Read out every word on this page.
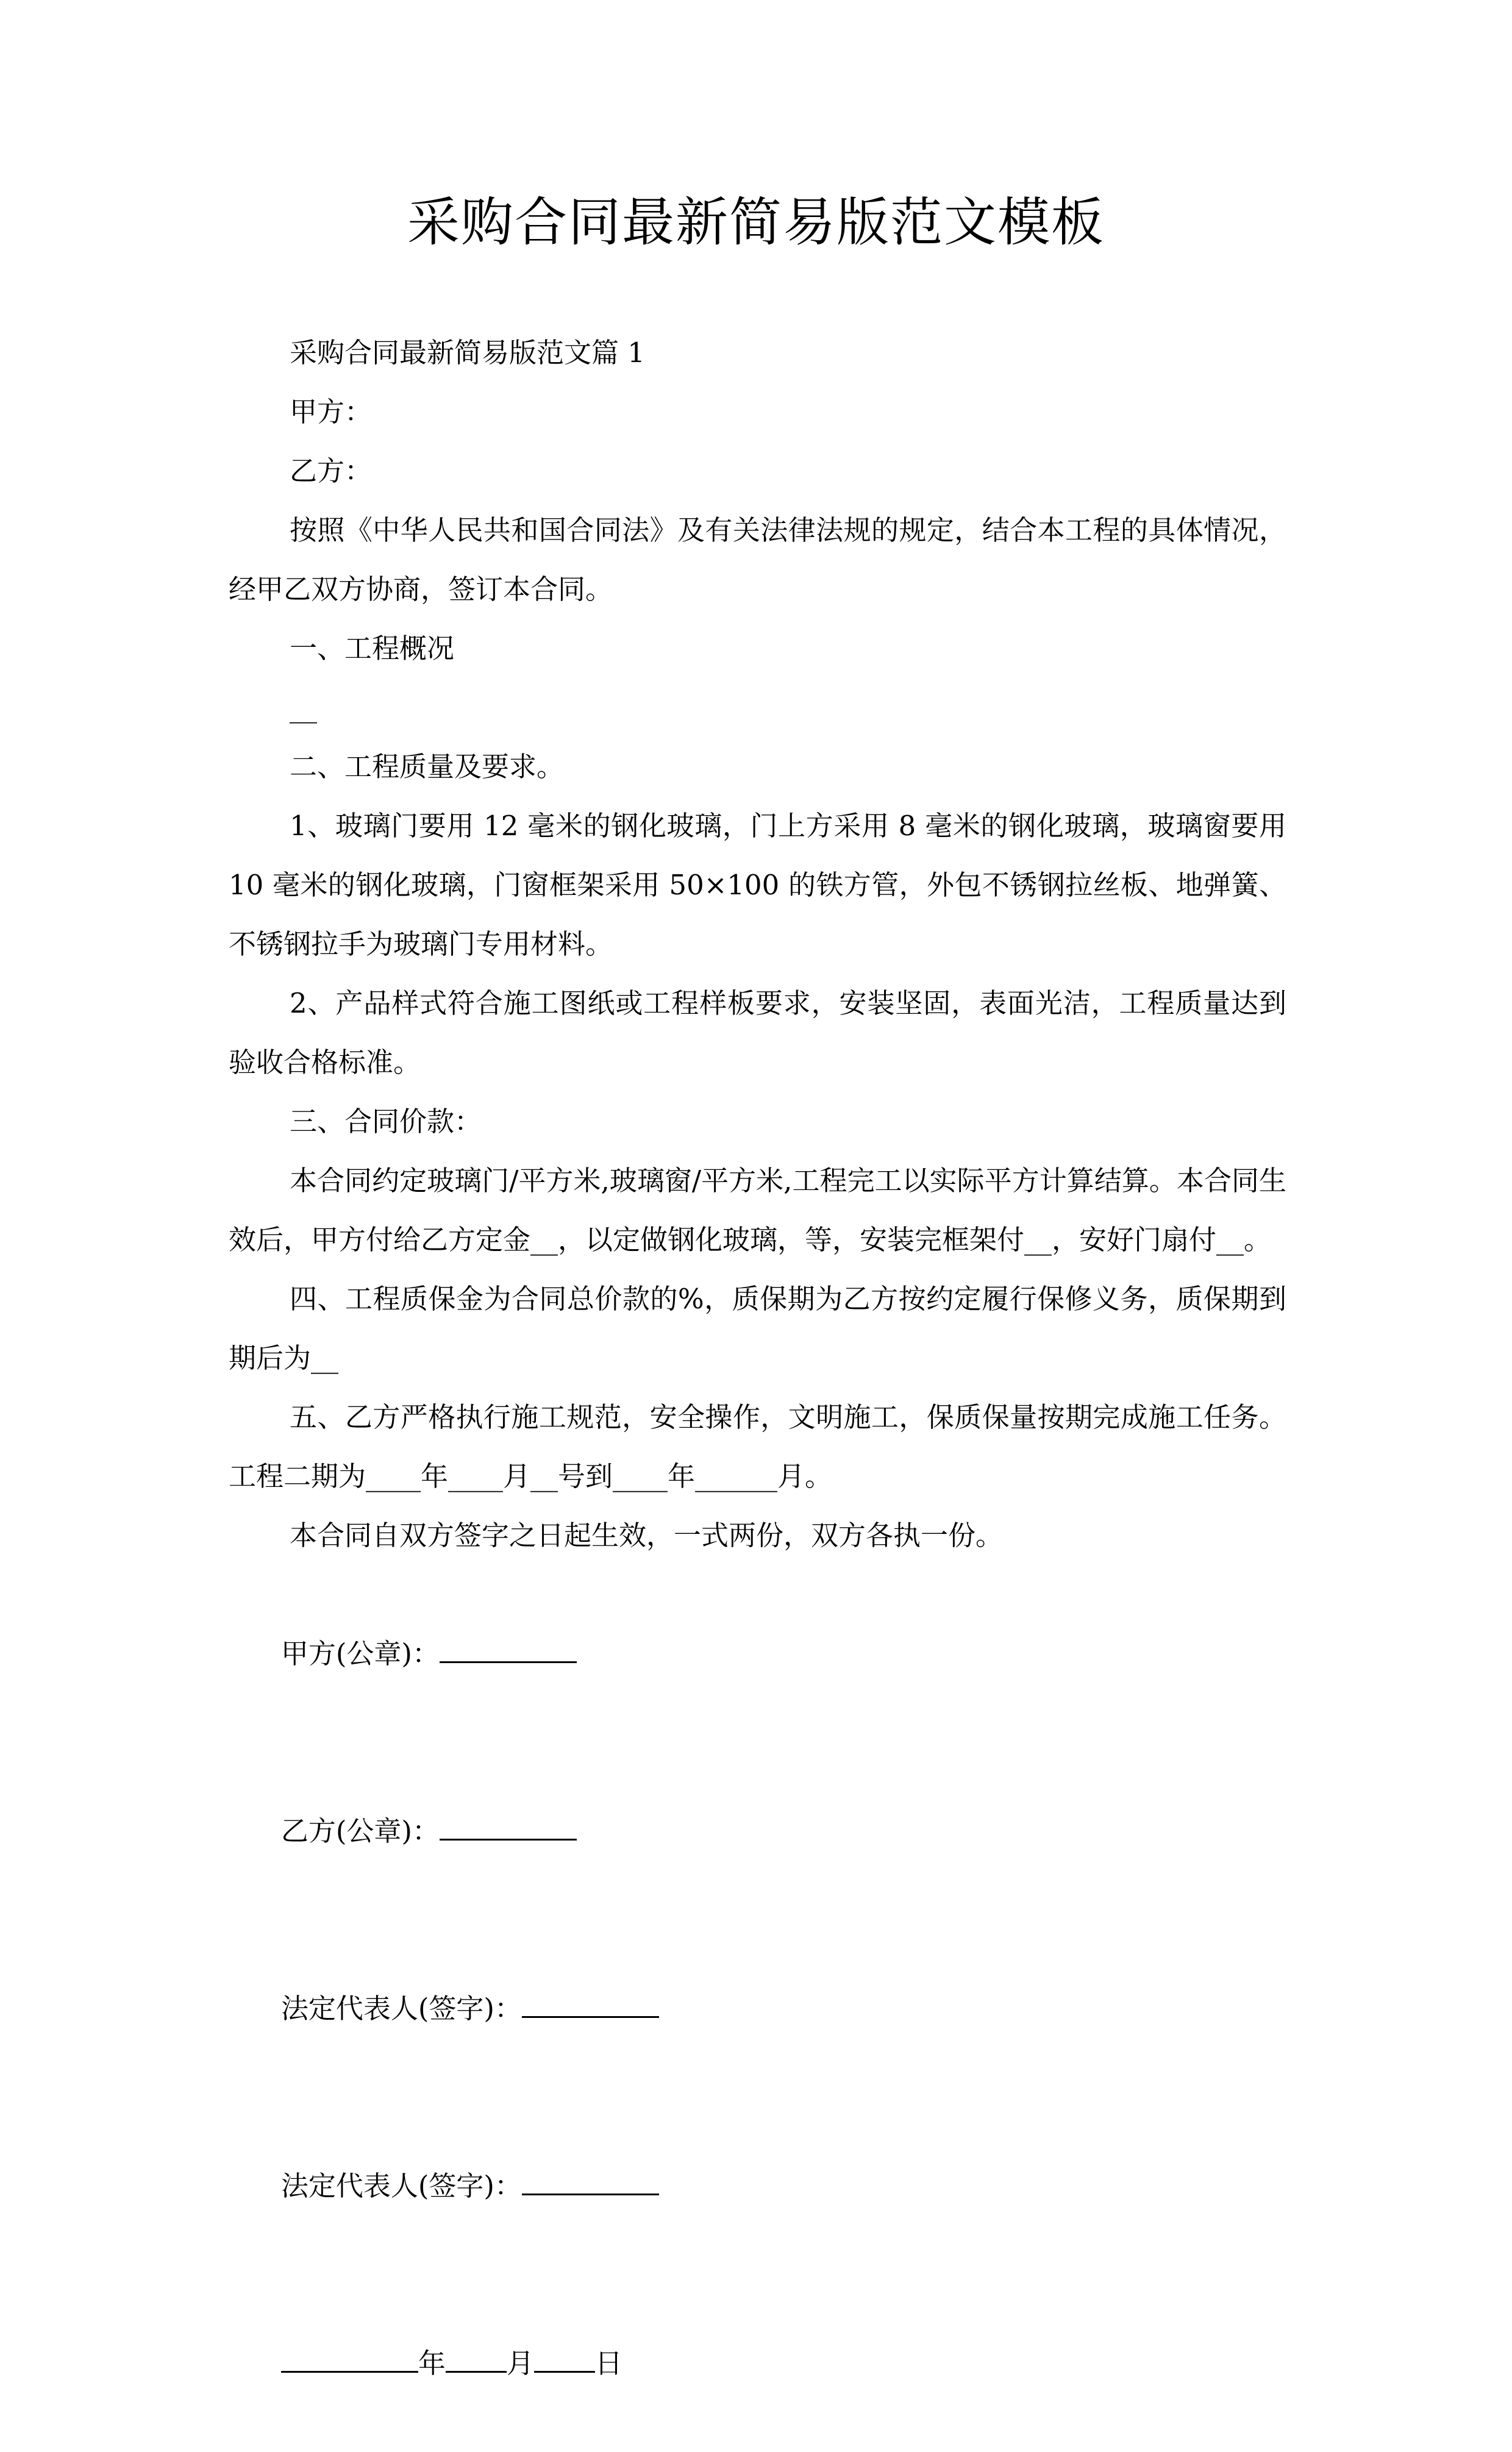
采购合同最新简易版范文模板

采购合同最新简易版范文篇 1

甲方：

乙方：

按照《中华人民共和国合同法》及有关法律法规的规定，结合本工程的具体情况，经甲乙双方协商，签订本合同。

一、工程概况

__

二、工程质量及要求。

1、玻璃门要用 12 毫米的钢化玻璃，门上方采用 8 毫米的钢化玻璃，玻璃窗要用 10 毫米的钢化玻璃，门窗框架采用 50×100 的铁方管，外包不锈钢拉丝板、地弹簧、不锈钢拉手为玻璃门专用材料。

2、产品样式符合施工图纸或工程样板要求，安装坚固，表面光洁，工程质量达到验收合格标准。

三、合同价款：

本合同约定玻璃门/平方米,玻璃窗/平方米,工程完工以实际平方计算结算。本合同生效后，甲方付给乙方定金__，以定做钢化玻璃，等，安装完框架付__，安好门扇付__。

四、工程质保金为合同总价款的%，质保期为乙方按约定履行保修义务，质保期到期后为__

五、乙方严格执行施工规范，安全操作，文明施工，保质保量按期完成施工任务。工程二期为____年____月__号到____年______月。

本合同自双方签字之日起生效，一式两份，双方各执一份。

甲方(公章)：

乙方(公章)：

法定代表人(签字)：

法定代表人(签字)：

年 月 日
